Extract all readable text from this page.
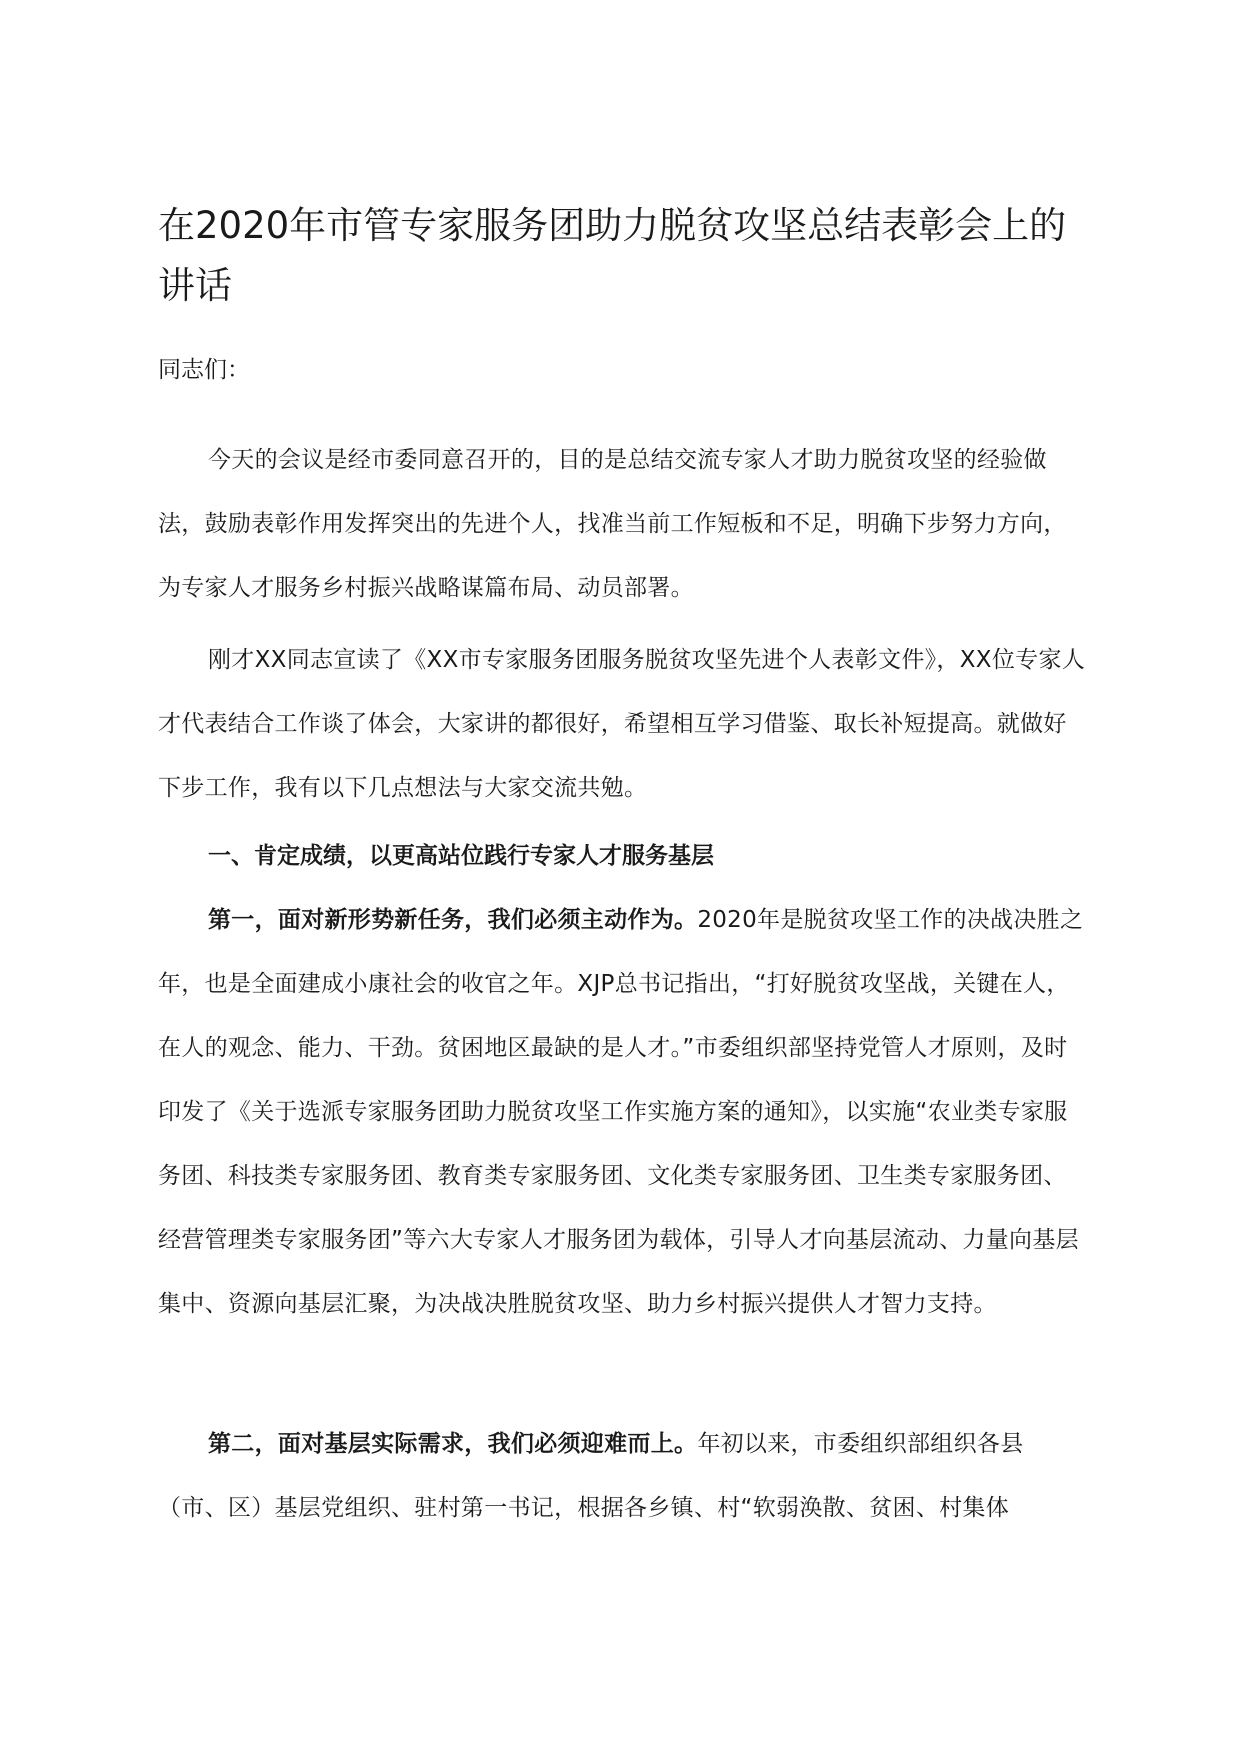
在2020年市管专家服务团助力脱贫攻坚总结表彰会上的讲话

同志们：

今天的会议是经市委同意召开的，目的是总结交流专家人才助力脱贫攻坚的经验做法，鼓励表彰作用发挥突出的先进个人，找准当前工作短板和不足，明确下步努力方向，为专家人才服务乡村振兴战略谋篇布局、动员部署。

刚才XX同志宣读了《XX市专家服务团服务脱贫攻坚先进个人表彰文件》，XX位专家人才代表结合工作谈了体会，大家讲的都很好，希望相互学习借鉴、取长补短提高。就做好下步工作，我有以下几点想法与大家交流共勉。

一、肯定成绩，以更高站位践行专家人才服务基层

第一，面对新形势新任务，我们必须主动作为。2020年是脱贫攻坚工作的决战决胜之年，也是全面建成小康社会的收官之年。XJP总书记指出，“打好脱贫攻坚战，关键在人，在人的观念、能力、干劲。贫困地区最缺的是人才。”市委组织部坚持党管人才原则，及时印发了《关于选派专家服务团助力脱贫攻坚工作实施方案的通知》，以实施“农业类专家服务团、科技类专家服务团、教育类专家服务团、文化类专家服务团、卫生类专家服务团、经营管理类专家服务团”等六大专家人才服务团为载体，引导人才向基层流动、力量向基层集中、资源向基层汇聚，为决战决胜脱贫攻坚、助力乡村振兴提供人才智力支持。

第二，面对基层实际需求，我们必须迎难而上。年初以来，市委组织部组织各县（市、区）基层党组织、驻村第一书记，根据各乡镇、村“软弱涣散、贫困、村集体
